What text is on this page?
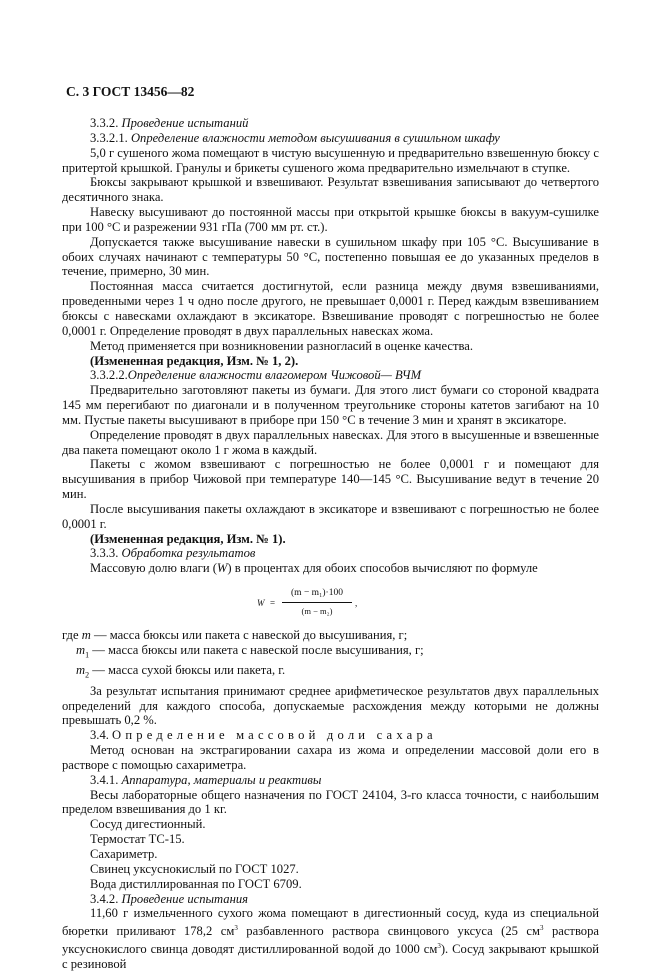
С. 3 ГОСТ 13456—82

3.3.2. Проведение испытаний

3.3.2.1. Определение влажности методом высушивания в сушильном шкафу

5,0 г сушеного жома помещают в чистую высушенную и предварительно взвешенную бюксу с притертой крышкой. Гранулы и брикеты сушеного жома предварительно измельчают в ступке.

Бюксы закрывают крышкой и взвешивают. Результат взвешивания записывают до четвертого десятичного знака.

Навеску высушивают до постоянной массы при открытой крышке бюксы в вакуум-сушилке при 100 °С и разрежении 931 гПа (700 мм рт. ст.).

Допускается также высушивание навески в сушильном шкафу при 105 °С. Высушивание в обоих случаях начинают с температуры 50 °С, постепенно повышая ее до указанных пределов в течение, примерно, 30 мин.

Постоянная масса считается достигнутой, если разница между двумя взвешиваниями, проведенными через 1 ч одно после другого, не превышает 0,0001 г. Перед каждым взвешиванием бюксы с навесками охлаждают в эксикаторе. Взвешивание проводят с погрешностью не более 0,0001 г. Определение проводят в двух параллельных навесках жома.

Метод применяется при возникновении разногласий в оценке качества.

(Измененная редакция, Изм. № 1, 2).

3.3.2.2.Определение влажности влагомером Чижовой— ВЧМ

Предварительно заготовляют пакеты из бумаги. Для этого лист бумаги со стороной квадрата 145 мм перегибают по диагонали и в полученном треугольнике стороны катетов загибают на 10 мм. Пустые пакеты высушивают в приборе при 150 °С в течение 3 мин и хранят в эксикаторе.

Определение проводят в двух параллельных навесках. Для этого в высушенные и взвешенные два пакета помещают около 1 г жома в каждый.

Пакеты с жомом взвешивают с погрешностью не более 0,0001 г и помещают для высушивания в прибор Чижовой при температуре 140—145 °С. Высушивание ведут в течение 20 мин.

После высушивания пакеты охлаждают в эксикаторе и взвешивают с погрешностью не более 0,0001 г.

(Измененная редакция, Изм. № 1).

3.3.3. Обработка результатов

Массовую долю влаги (W) в процентах для обоих способов вычисляют по формуле

$W = \frac{\text{(m − m₁)·100}}{\text{(m − m₂)}}$ ,

где m — масса бюксы или пакета с навеской до высушивания, г;

$m_1$ — масса бюксы или пакета с навеской после высушивания, г;

$m_2$ — масса сухой бюксы или пакета, г.

За результат испытания принимают среднее арифметическое результатов двух параллельных определений для каждого способа, допускаемые расхождения между которыми не должны превышать 0,2 %.

3.4. Определение массовой доли сахара

Метод основан на экстрагировании сахара из жома и определении массовой доли его в растворе с помощью сахариметра.

3.4.1. Аппаратура, материалы и реактивы

Весы лабораторные общего назначения по ГОСТ 24104, 3-го класса точности, с наибольшим пределом взвешивания до 1 кг.

Сосуд дигестионный.

Термостат ТС-15.

Сахариметр.

Свинец уксуснокислый по ГОСТ 1027.

Вода дистиллированная по ГОСТ 6709.

3.4.2. Проведение испытания

11,60 г измельченного сухого жома помещают в дигестионный сосуд, куда из специальной бюретки приливают 178,2 $см^3$ разбавленного раствора свинцового уксуса (25 $см^3$ раствора уксуснокислого свинца доводят дистиллированной водой до 1000 $см^3$). Сосуд закрывают крышкой с резиновой
